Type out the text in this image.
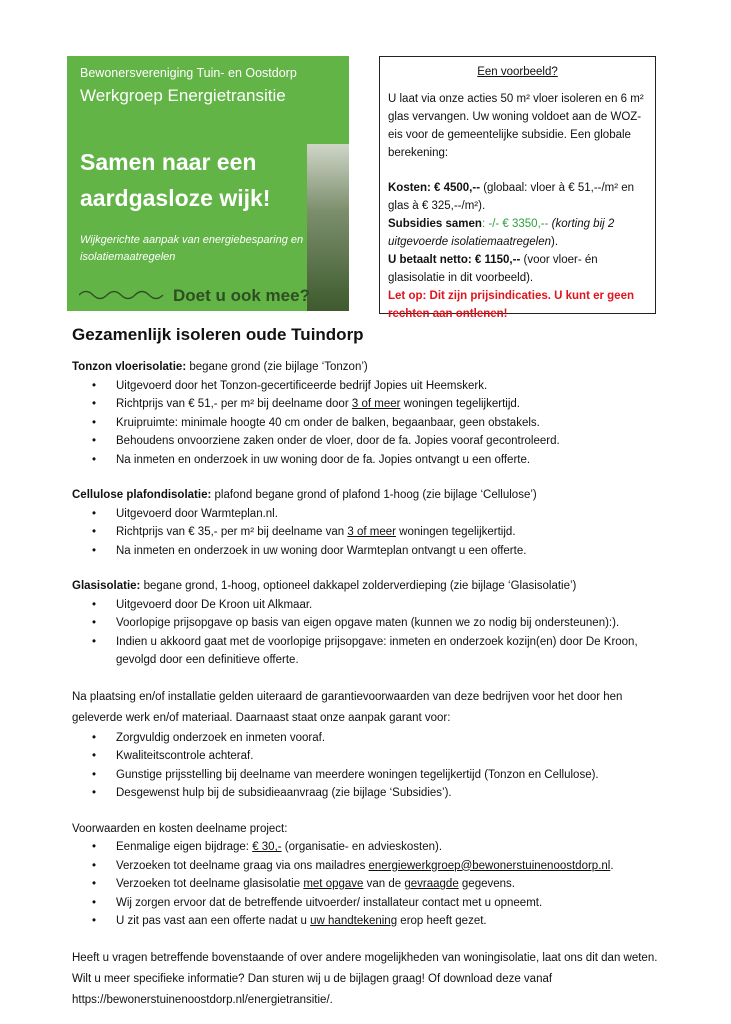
Bewonersvereniging Tuin- en Oostdorp
Werkgroep Energietransitie
Samen naar een aardgasloze wijk!
Wijkgerichte aanpak van energiebesparing en isolatiemaatregelen
Doet u ook mee?
Een voorbeeld?

U laat via onze acties 50 m² vloer isoleren en 6 m² glas vervangen. Uw woning voldoet aan de WOZ-eis voor de gemeentelijke subsidie. Een globale berekening:

Kosten: € 4500,-- (globaal: vloer à € 51,--/m² en glas à € 325,--/m²).

Subsidies samen: -/- € 3350,-- (korting bij 2 uitgevoerde isolatiemaatregelen).

U betaalt netto: € 1150,-- (voor vloer- én glasisolatie in dit voorbeeld).

Let op: Dit zijn prijsindicaties. U kunt er geen rechten aan ontlenen!

Gezamenlijk isoleren oude Tuindorp

Tonzon vloerisolatie: begane grond (zie bijlage ‘Tonzon’)

• Uitgevoerd door het Tonzon-gecertificeerde bedrijf Jopies uit Heemskerk.
• Richtprijs van € 51,- per m² bij deelname door 3 of meer woningen tegelijkertijd.
• Kruipruimte: minimale hoogte 40 cm onder de balken, begaanbaar, geen obstakels.
• Behoudens onvoorziene zaken onder de vloer, door de fa. Jopies vooraf gecontroleerd.
• Na inmeten en onderzoek in uw woning door de fa. Jopies ontvangt u een offerte.

Cellulose plafondisolatie: plafond begane grond of plafond 1-hoog (zie bijlage ‘Cellulose’)

• Uitgevoerd door Warmteplan.nl.
• Richtprijs van € 35,- per m² bij deelname van 3 of meer woningen tegelijkertijd.
• Na inmeten en onderzoek in uw woning door Warmteplan ontvangt u een offerte.

Glasisolatie: begane grond, 1-hoog, optioneel dakkapel zolderverdieping (zie bijlage ‘Glasisolatie’)

• Uitgevoerd door De Kroon uit Alkmaar.
• Voorlopige prijsopgave op basis van eigen opgave maten (kunnen we zo nodig bij ondersteunen):).
• Indien u akkoord gaat met de voorlopige prijsopgave: inmeten en onderzoek kozijn(en) door De Kroon, gevolgd door een definitieve offerte.

Na plaatsing en/of installatie gelden uiteraard de garantievoorwaarden van deze bedrijven voor het door hen geleverde werk en/of materiaal. Daarnaast staat onze aanpak garant voor:

• Zorgvuldig onderzoek en inmeten vooraf.
• Kwaliteitscontrole achteraf.
• Gunstige prijsstelling bij deelname van meerdere woningen tegelijkertijd (Tonzon en Cellulose).
• Desgewenst hulp bij de subsidieaanvraag (zie bijlage ‘Subsidies’).

Voorwaarden en kosten deelname project:

• Eenmalige eigen bijdrage: € 30,- (organisatie- en advieskosten).
• Verzoeken tot deelname graag via ons mailadres energiewerkgroep@bewonerstuinenoostdorp.nl.
• Verzoeken tot deelname glasisolatie met opgave van de gevraagde gegevens.
• Wij zorgen ervoor dat de betreffende uitvoerder/ installateur contact met u opneemt.
• U zit pas vast aan een offerte nadat u uw handtekening erop heeft gezet.

Heeft u vragen betreffende bovenstaande of over andere mogelijkheden van woningisolatie, laat ons dit dan weten. Wilt u meer specifieke informatie? Dan sturen wij u de bijlagen graag! Of download deze vanaf https://bewonerstuinenoostdorp.nl/energietransitie/.
